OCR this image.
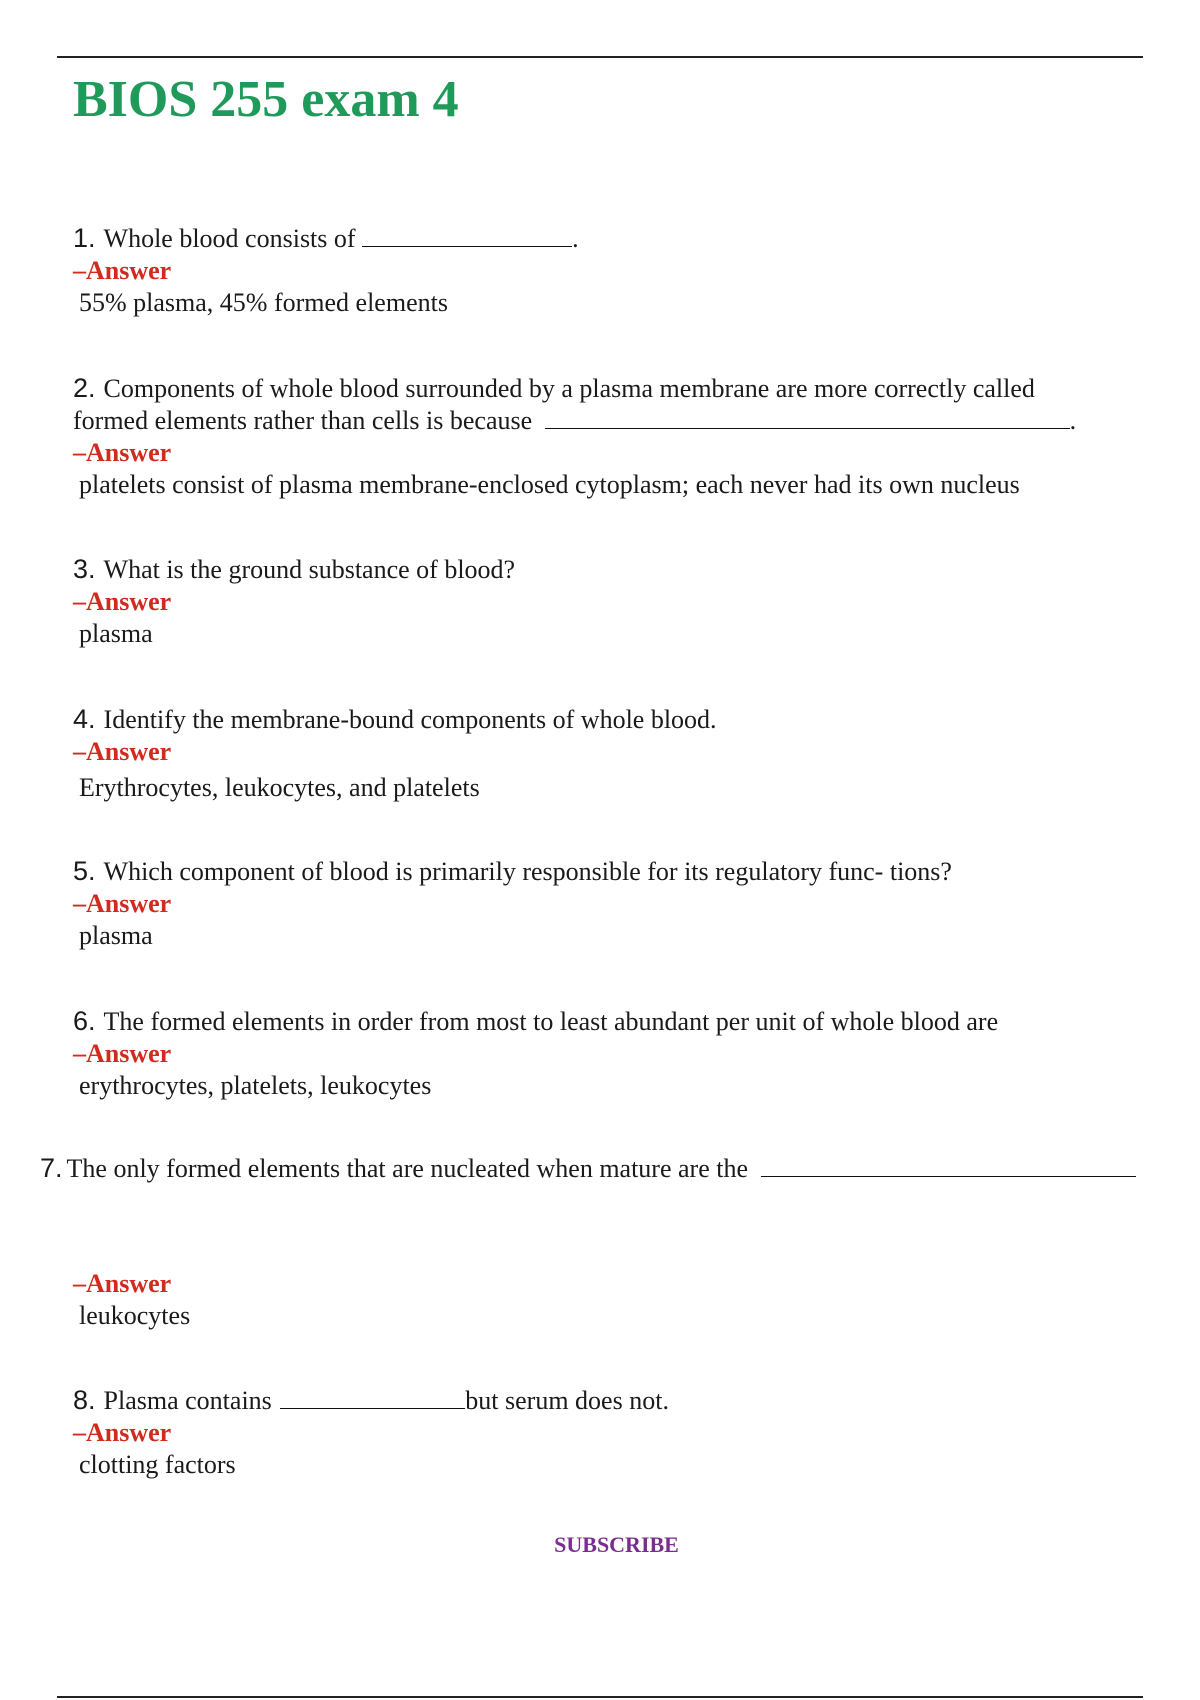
BIOS 255 exam 4
1. Whole blood consists of	.
–Answer
55% plasma, 45% formed elements
2. Components of whole blood surrounded by a plasma membrane are more correctly called
formed elements rather than cells is because	.
–Answer
platelets consist of plasma membrane-enclosed cytoplasm; each never had its own nucleus
3. What is the ground substance of blood?
–Answer
plasma
4. Identify the membrane-bound components of whole blood.
–Answer
Erythrocytes, leukocytes, and platelets
5. Which component of blood is primarily responsible for its regulatory func- tions?
–Answer
plasma
6. The formed elements in order from most to least abundant per unit of whole blood are
–Answer
erythrocytes, platelets, leukocytes
7. The only formed elements that are nucleated when mature are the
–Answer
leukocytes
8. Plasma contains	but serum does not.
–Answer
clotting factors
SUBSCRIBE
